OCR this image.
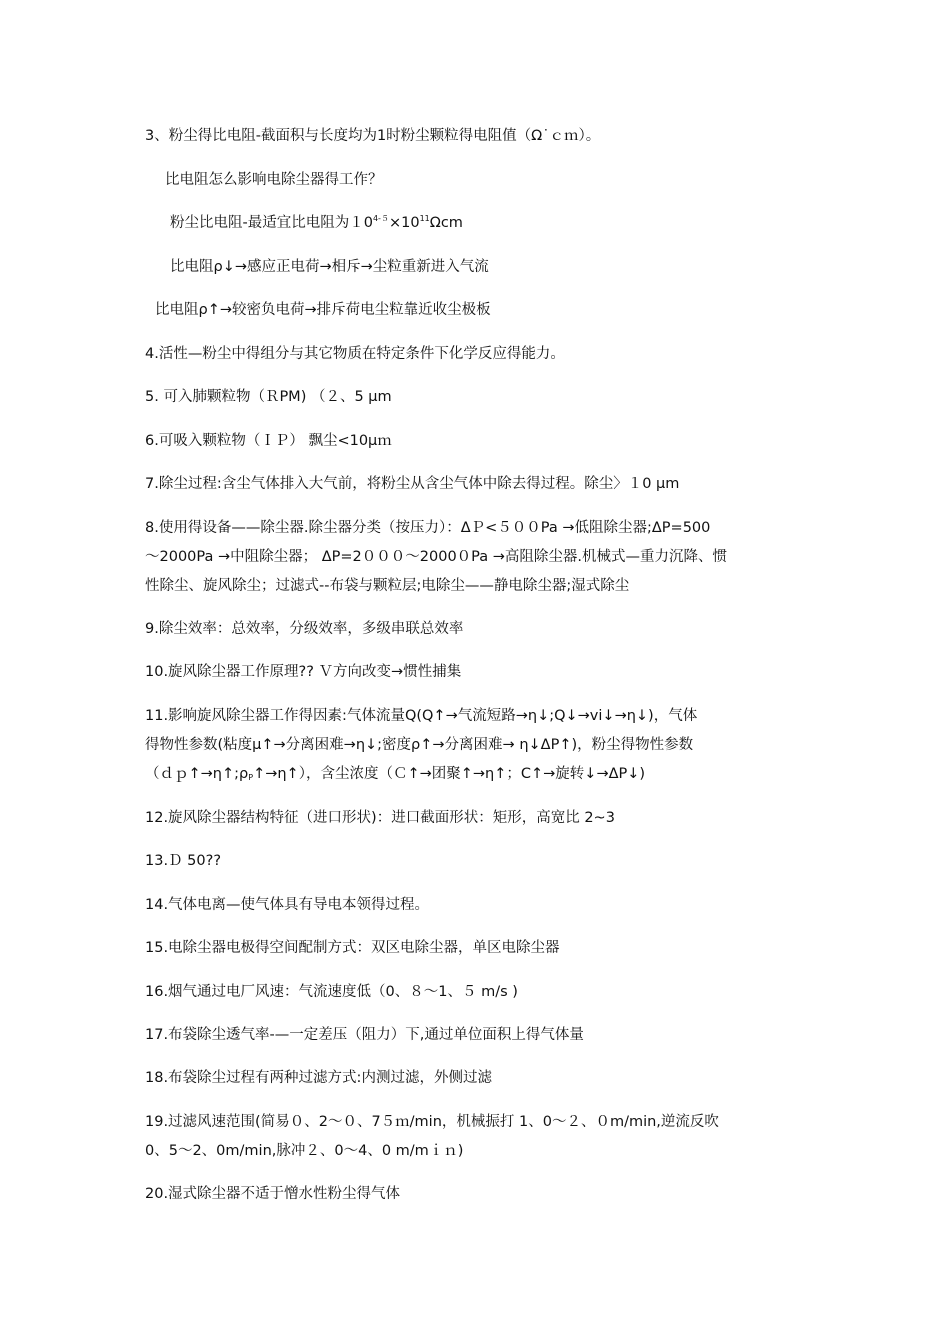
3、粉尘得比电阻-截面积与长度均为1时粉尘颗粒得电阻值（Ω˙ｃｍ）。
比电阻怎么影响电除尘器得工作？
粉尘比电阻-最适宜比电阻为$10^{4-5}\times 10^{11}\Omega cm$
比电阻ρ↓→感应正电荷→相斥→尘粒重新进入气流
比电阻ρ↑→较密负电荷→排斥荷电尘粒靠近收尘极板
4.活性—粉尘中得组分与其它物质在特定条件下化学反应得能力。
5. 可入肺颗粒物（ＲPM) （２、5 μm
6.可吸入颗粒物（ＩＰ） 飘尘<10μｍ
7.除尘过程:含尘气体排入大气前，将粉尘从含尘气体中除去得过程。除尘〉１0 μm
8.使用得设备——除尘器.除尘器分类（按压力）：ΔＰ<５００Pa →低阻除尘器;ΔP=500
～2000Pa →中阻除尘器； ΔP=2０００～2000０Pa →高阻除尘器.机械式—重力沉降、惯
性除尘、旋风除尘；过滤式--布袋与颗粒层;电除尘——静电除尘器;湿式除尘
9.除尘效率：总效率，分级效率，多级串联总效率
10.旋风除尘器工作原理?? Ｖ方向改变→惯性捕集
11.影响旋风除尘器工作得因素:气体流量Q(Q↑→气流短路→η↓;Q↓→vi↓→η↓)，气体
得物性参数(粘度μ↑→分离困难→η↓;密度ρ↑→分离困难→ η↓ΔP↑)，粉尘得物性参数
$(dp↑\to\eta↑;\rho_P↑\to\eta↑)$，含尘浓度（Ｃ↑→团聚↑→η↑；C↑→旋转↓→ΔP↓)
12.旋风除尘器结构特征（进口形状)：进口截面形状：矩形，高宽比 2~3
13.Ｄ 50??
14.气体电离—使气体具有导电本领得过程。
15.电除尘器电极得空间配制方式：双区电除尘器，单区电除尘器
16.烟气通过电厂风速：气流速度低（0、８～1、５ m/s )
17.布袋除尘透气率-—一定差压（阻力）下,通过单位面积上得气体量
18.布袋除尘过程有两种过滤方式:内测过滤，外侧过滤
19.过滤风速范围(简易０、2～０、7５ｍ/min，机械振打 1、0～２、０m/min,逆流反吹
0、5～2、0m/min,脉冲２、0～4、0 m/mｉｎ)
20.湿式除尘器不适于憎水性粉尘得气体
